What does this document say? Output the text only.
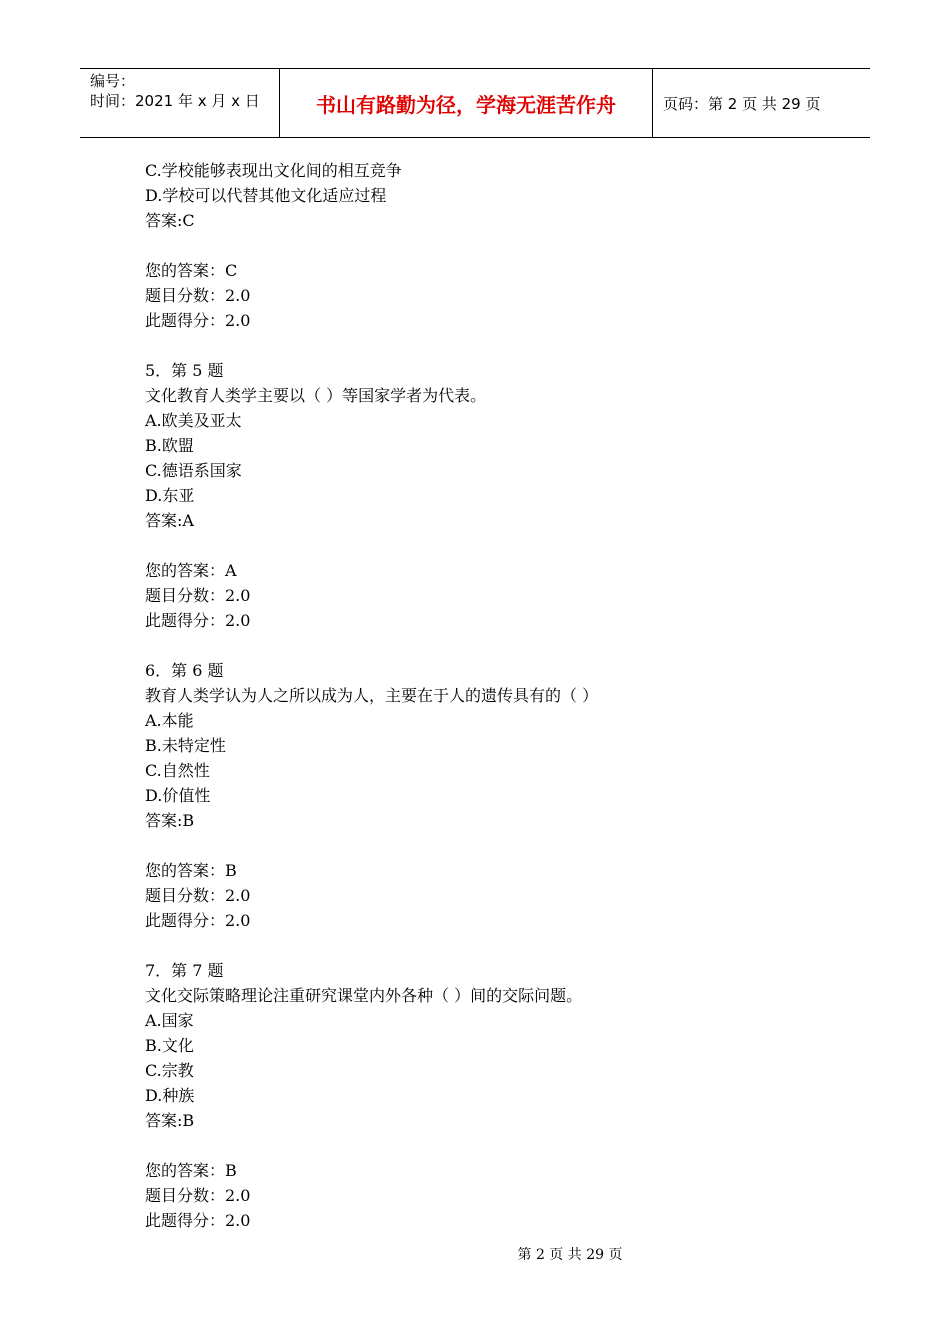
编号：
时间：2021 年 x 月 x 日	书山有路勤为径，学海无涯苦作舟	页码：第 2 页 共 29 页
C.学校能够表现出文化间的相互竞争
D.学校可以代替其他文化适应过程
答案:C
您的答案：C
题目分数：2.0
此题得分：2.0
5．第 5 题
文化教育人类学主要以（ ）等国家学者为代表。
A.欧美及亚太
B.欧盟
C.德语系国家
D.东亚
答案:A
您的答案：A
题目分数：2.0
此题得分：2.0
6．第 6 题
教育人类学认为人之所以成为人，主要在于人的遗传具有的（ ）
A.本能
B.未特定性
C.自然性
D.价值性
答案:B
您的答案：B
题目分数：2.0
此题得分：2.0
7．第 7 题
文化交际策略理论注重研究课堂内外各种（ ）间的交际问题。
A.国家
B.文化
C.宗教
D.种族
答案:B
您的答案：B
题目分数：2.0
此题得分：2.0
第 2 页 共 29 页
